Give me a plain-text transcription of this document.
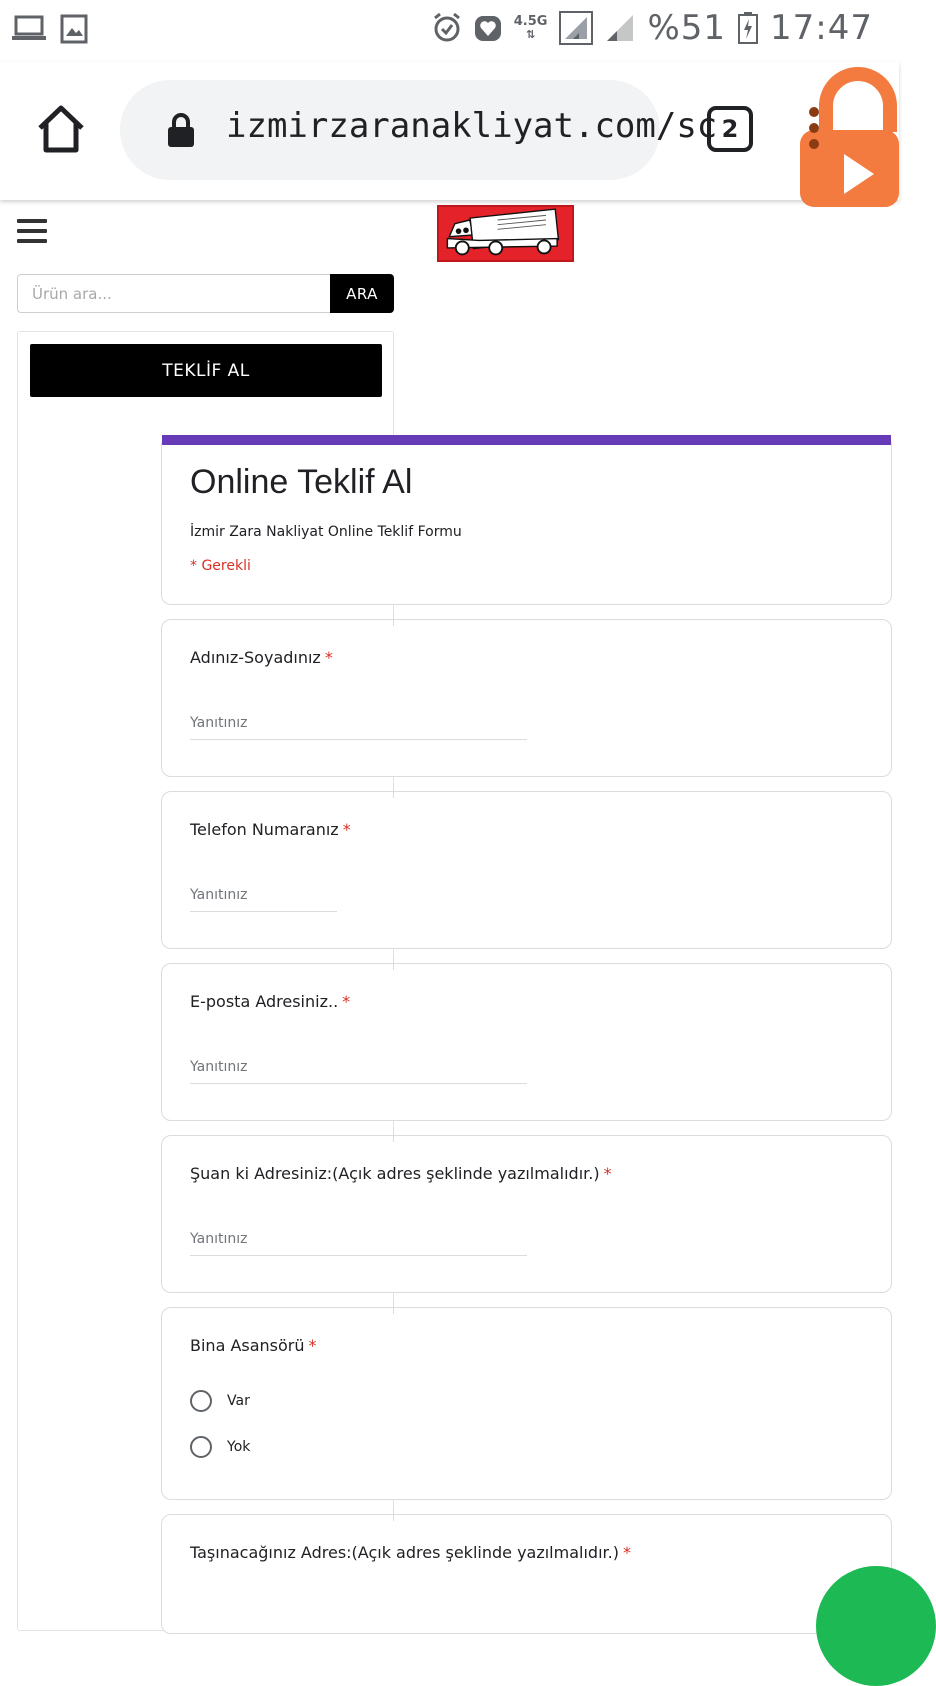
4.5G
⇅	%51 17:47
izmirzaranakliyat.com/sc 2
Ürün ara...
ARA
TEKLİF AL
Online Teklif Al
İzmir Zara Nakliyat Online Teklif Formu
* Gerekli
Adınız-Soyadınız *
Yanıtınız
Telefon Numaranız *
Yanıtınız
E-posta Adresiniz.. *
Yanıtınız
Şuan ki Adresiniz:(Açık adres şeklinde yazılmalıdır.) *
Yanıtınız
Bina Asansörü *
Var
Yok
Taşınacağınız Adres:(Açık adres şeklinde yazılmalıdır.) *
